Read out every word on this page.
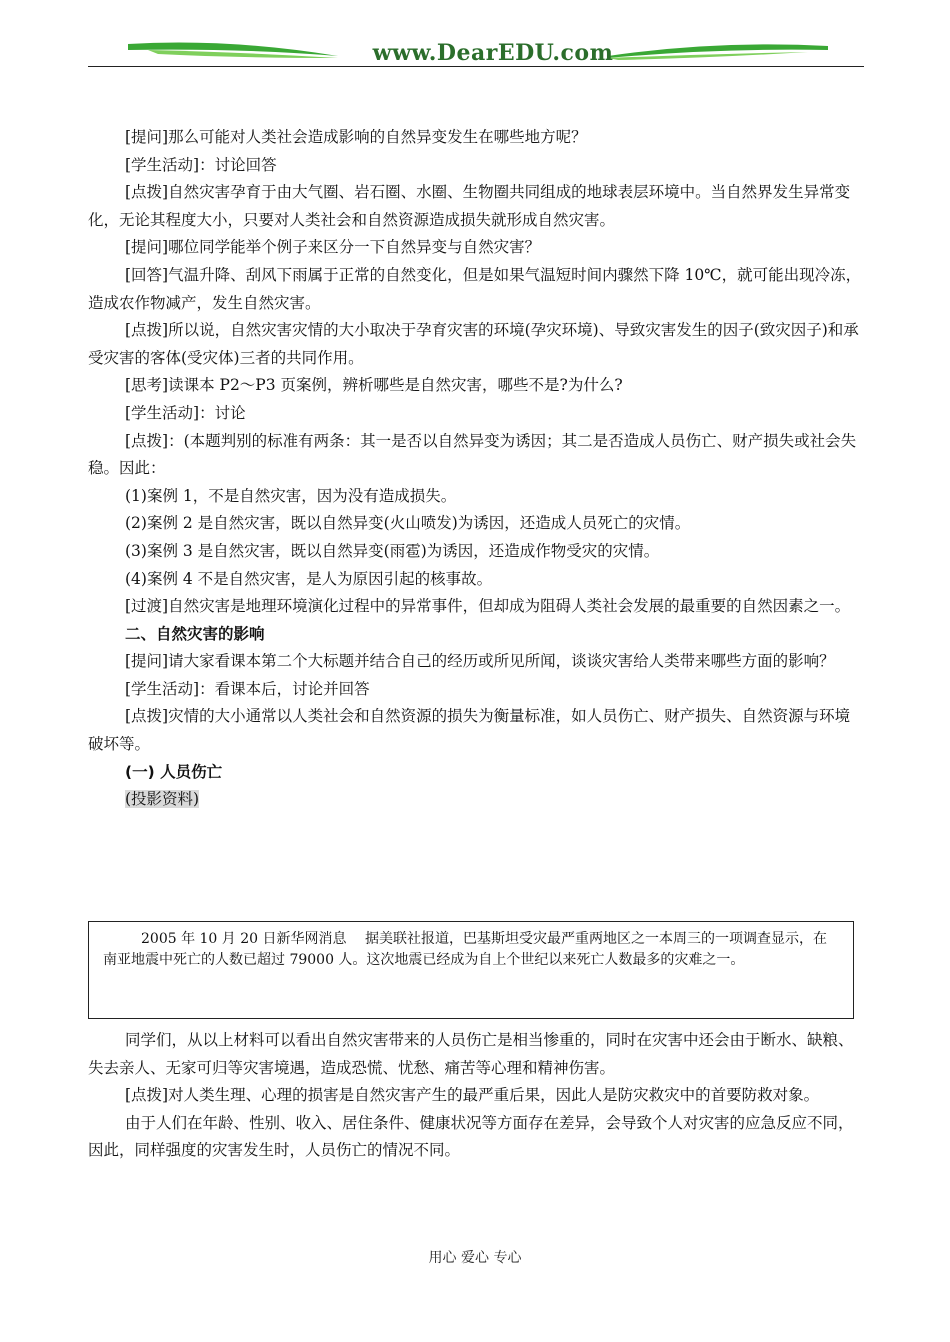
www.DearEDU.com

[提问]那么可能对人类社会造成影响的自然异变发生在哪些地方呢？

[学生活动]：讨论回答

[点拨]自然灾害孕育于由大气圈、岩石圈、水圈、生物圈共同组成的地球表层环境中。当自然界发生异常变化，无论其程度大小，只要对人类社会和自然资源造成损失就形成自然灾害。

[提问]哪位同学能举个例子来区分一下自然异变与自然灾害？

[回答]气温升降、刮风下雨属于正常的自然变化，但是如果气温短时间内骤然下降 10℃，就可能出现冷冻，造成农作物减产，发生自然灾害。

[点拨]所以说，自然灾害灾情的大小取决于孕育灾害的环境(孕灾环境)、导致灾害发生的因子(致灾因子)和承受灾害的客体(受灾体)三者的共同作用。

[思考]读课本 P2～P3 页案例，辨析哪些是自然灾害，哪些不是?为什么?

[学生活动]：讨论

[点拨]：(本题判别的标准有两条：其一是否以自然异变为诱因；其二是否造成人员伤亡、财产损失或社会失稳。因此：

(1)案例 1，不是自然灾害，因为没有造成损失。

(2)案例 2 是自然灾害，既以自然异变(火山喷发)为诱因，还造成人员死亡的灾情。

(3)案例 3 是自然灾害，既以自然异变(雨雹)为诱因，还造成作物受灾的灾情。

(4)案例 4 不是自然灾害，是人为原因引起的核事故。

[过渡]自然灾害是地理环境演化过程中的异常事件，但却成为阻碍人类社会发展的最重要的自然因素之一。

二、自然灾害的影响

[提问]请大家看课本第二个大标题并结合自己的经历或所见所闻，谈谈灾害给人类带来哪些方面的影响？

[学生活动]：看课本后，讨论并回答

[点拨]灾情的大小通常以人类社会和自然资源的损失为衡量标准，如人员伤亡、财产损失、自然资源与环境破坏等。

(一) 人员伤亡

(投影资料)

2005 年 10 月 20 日新华网消息　 据美联社报道，巴基斯坦受灾最严重两地区之一本周三的一项调查显示，在南亚地震中死亡的人数已超过 79000 人。这次地震已经成为自上个世纪以来死亡人数最多的灾难之一。

同学们，从以上材料可以看出自然灾害带来的人员伤亡是相当惨重的，同时在灾害中还会由于断水、缺粮、失去亲人、无家可归等灾害境遇，造成恐慌、忧愁、痛苦等心理和精神伤害。

[点拨]对人类生理、心理的损害是自然灾害产生的最严重后果，因此人是防灾救灾中的首要防救对象。

由于人们在年龄、性别、收入、居住条件、健康状况等方面存在差异，会导致个人对灾害的应急反应不同，因此，同样强度的灾害发生时，人员伤亡的情况不同。

用心 爱心 专心
